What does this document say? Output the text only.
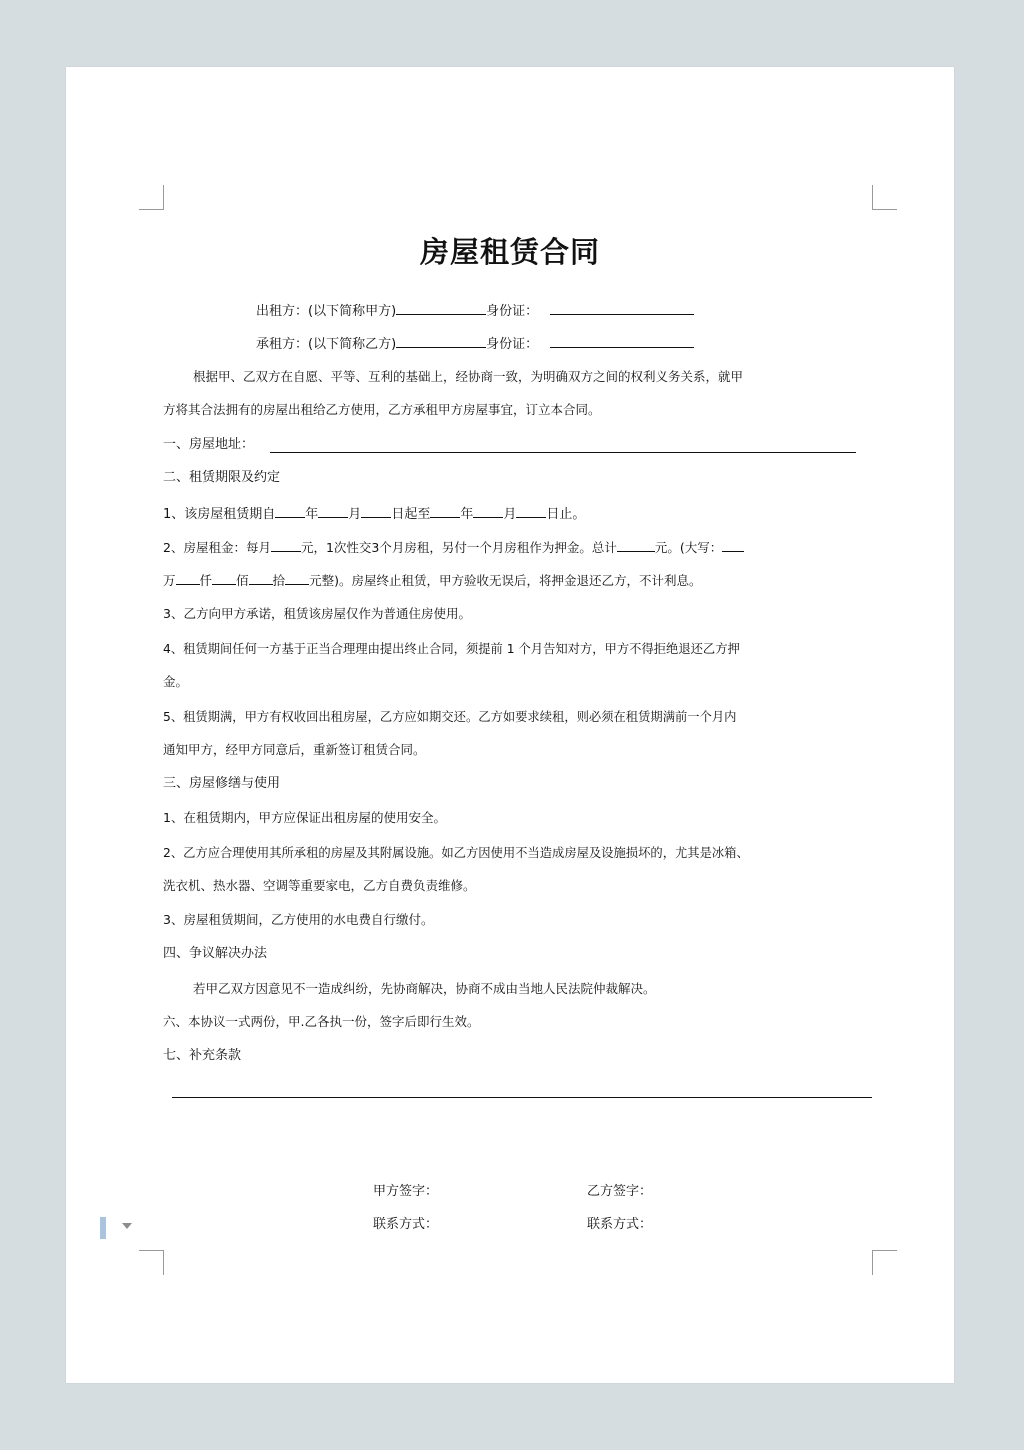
房屋租赁合同
出租方：(以下简称甲方)	身份证：
承租方：(以下简称乙方)	身份证：
根据甲、乙双方在自愿、平等、互利的基础上，经协商一致，为明确双方之间的权利义务关系，就甲
方将其合法拥有的房屋出租给乙方使用，乙方承租甲方房屋事宜，订立本合同。
一、房屋地址：
二、租赁期限及约定
1、该房屋租赁期自 年 月 日起至 年 月 日止。
2、房屋租金：每月 元，1次性交3个月房租，另付一个月房租作为押金。总计	元。(大写：
万 仟 佰 拾 元整)。房屋终止租赁，甲方验收无误后，将押金退还乙方，不计利息。
3、乙方向甲方承诺，租赁该房屋仅作为普通住房使用。
4、租赁期间任何一方基于正当合理理由提出终止合同，须提前 1 个月告知对方，甲方不得拒绝退还乙方押
金。
5、租赁期满，甲方有权收回出租房屋，乙方应如期交还。乙方如要求续租，则必须在租赁期满前一个月内
通知甲方，经甲方同意后，重新签订租赁合同。
三、房屋修缮与使用
1、在租赁期内，甲方应保证出租房屋的使用安全。
2、乙方应合理使用其所承租的房屋及其附属设施。如乙方因使用不当造成房屋及设施损坏的，尤其是冰箱、
洗衣机、热水器、空调等重要家电，乙方自费负责维修。
3、房屋租赁期间，乙方使用的水电费自行缴付。
四、争议解决办法
若甲乙双方因意见不一造成纠纷，先协商解决，协商不成由当地人民法院仲裁解决。
六、本协议一式两份，甲.乙各执一份，签字后即行生效。
七、补充条款
甲方签字：	乙方签字：
联系方式：	联系方式：
